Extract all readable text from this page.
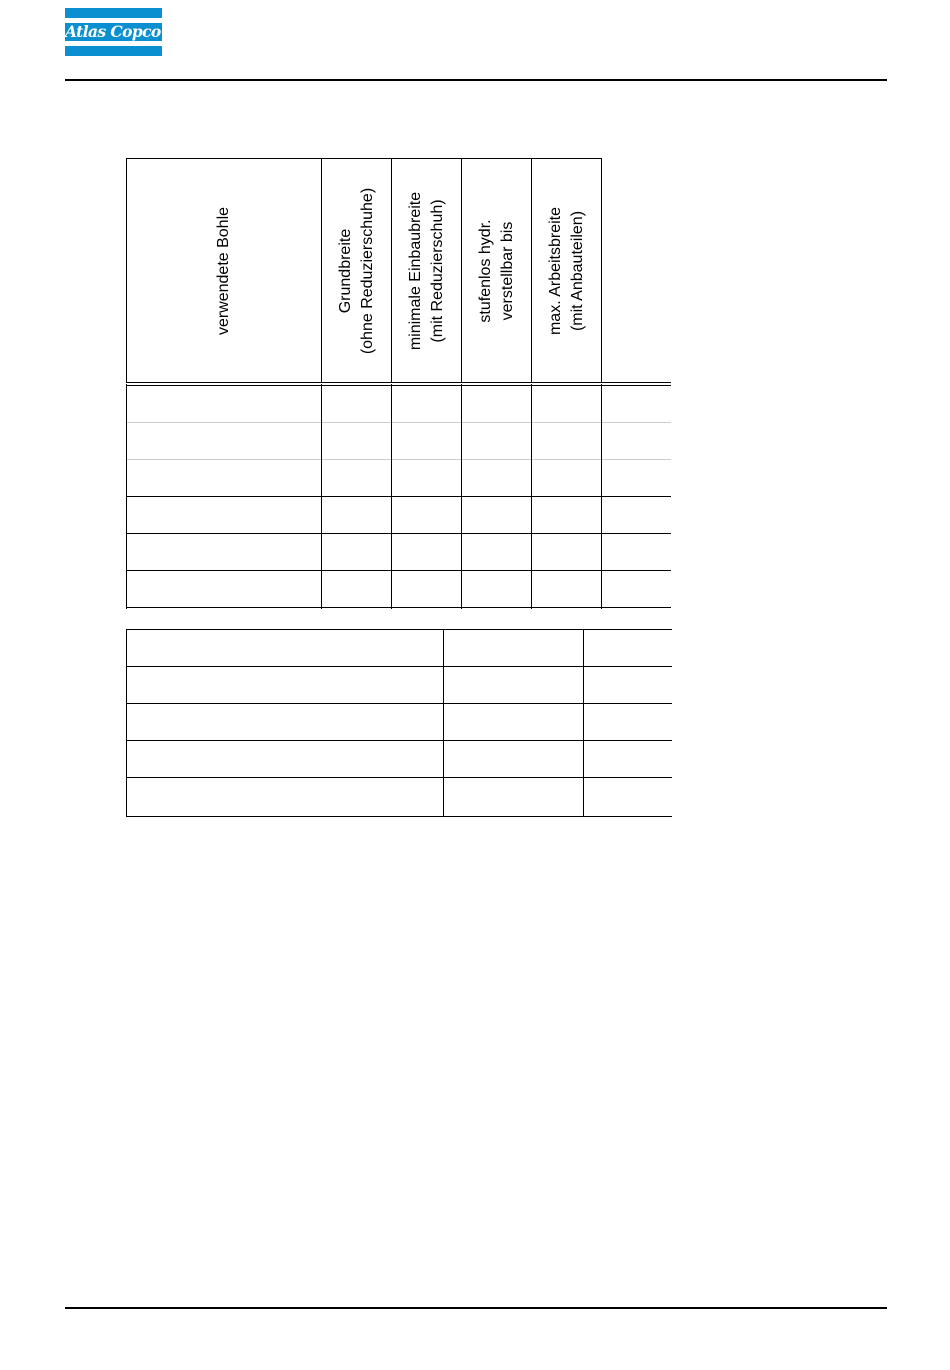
Atlas Copco
verwendete Bohle	Grundbreite (ohne Reduzierschuhe) minimale Einbaubreite (mit Reduzierschuh) stufenlos hydr. verstellbar bis max. Arbeitsbreite (mit Anbauteilen)
